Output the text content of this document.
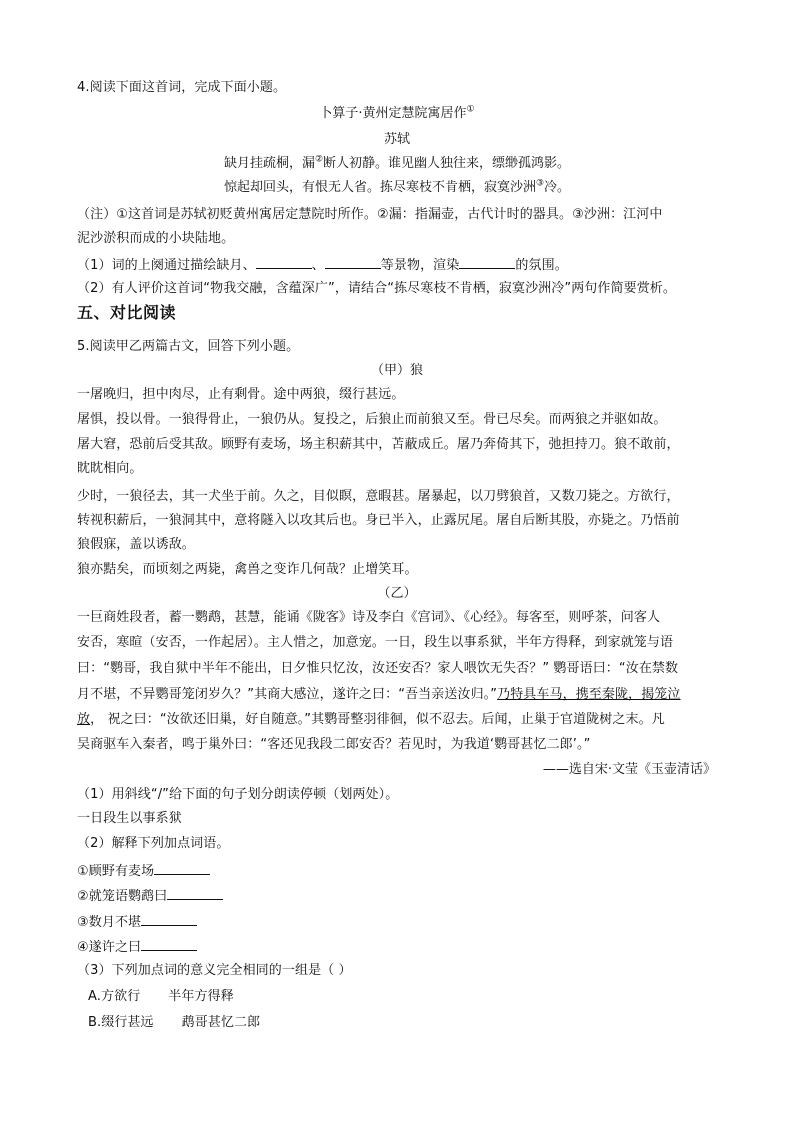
4.阅读下面这首词，完成下面小题。
卜算子·黄州定慧院寓居作①
苏轼
缺月挂疏桐，漏②断人初静。谁见幽人独往来，缥缈孤鸿影。
惊起却回头，有恨无人省。拣尽寒枝不肯栖，寂寞沙洲③冷。
（注）①这首词是苏轼初贬黄州寓居定慧院时所作。②漏：指漏壶，古代计时的器具。③沙洲：江河中
泥沙淤积而成的小块陆地。
（1）词的上阕通过描绘缺月、	、	等景物，渲染	的氛围。
（2）有人评价这首词“物我交融，含蕴深广”，请结合“拣尽寒枝不肯栖，寂寞沙洲冷”两句作简要赏析。
五、对比阅读
5.阅读甲乙两篇古文，回答下列小题。
（甲）狼
一屠晚归，担中肉尽，止有剩骨。途中两狼，缀行甚远。
屠惧，投以骨。一狼得骨止，一狼仍从。复投之，后狼止而前狼又至。骨已尽矣。而两狼之并驱如故。
屠大窘，恐前后受其敌。顾野有麦场，场主积薪其中，苫蔽成丘。屠乃奔倚其下，弛担持刀。狼不敢前，
眈眈相向。
少时，一狼径去，其一犬坐于前。久之，目似瞑，意暇甚。屠暴起，以刀劈狼首，又数刀毙之。方欲行，
转视积薪后，一狼洞其中，意将隧入以攻其后也。身已半入，止露尻尾。屠自后断其股，亦毙之。乃悟前
狼假寐，盖以诱敌。
狼亦黠矣，而顷刻之两毙，禽兽之变诈几何哉？止增笑耳。
（乙）
一巨商姓段者，蓄一鹦鹉，甚慧，能诵《陇客》诗及李白《宫词》、《心经》。每客至，则呼茶，问客人
安否，寒暄（安否，一作起居）。主人惜之，加意宠。一日，段生以事系狱，半年方得释，到家就笼与语
曰：“鹦哥，我自狱中半年不能出，日夕惟只忆汝，汝还安否？家人喂饮无失否？” 鹦哥语曰：“汝在禁数
月不堪，不异鹦哥笼闭岁久？”其商大感泣，遂许之曰：“吾当亲送汝归。”乃特具车马，携至秦陇，揭笼泣
放， 祝之曰：“汝欲还旧巢，好自随意。”其鹦哥整羽徘徊，似不忍去。后闻，止巢于官道陇树之末。凡
吴商驱车入秦者，鸣于巢外曰：“客还见我段二郎安否？若见时，为我道‘鹦哥甚忆二郎’。”
——选自宋·文莹《玉壶清话》
（1）用斜线“/”给下面的句子划分朗读停顿（划两处）。
一日段生以事系狱
（2）解释下列加点词语。
①顾野有麦场
②就笼语鹦鹉曰
③数月不堪
④遂许之曰
（3）下列加点词的意义完全相同的一组是（ ）
A.方欲行 半年方得释
B.缀行甚远 鹉哥甚忆二郎
